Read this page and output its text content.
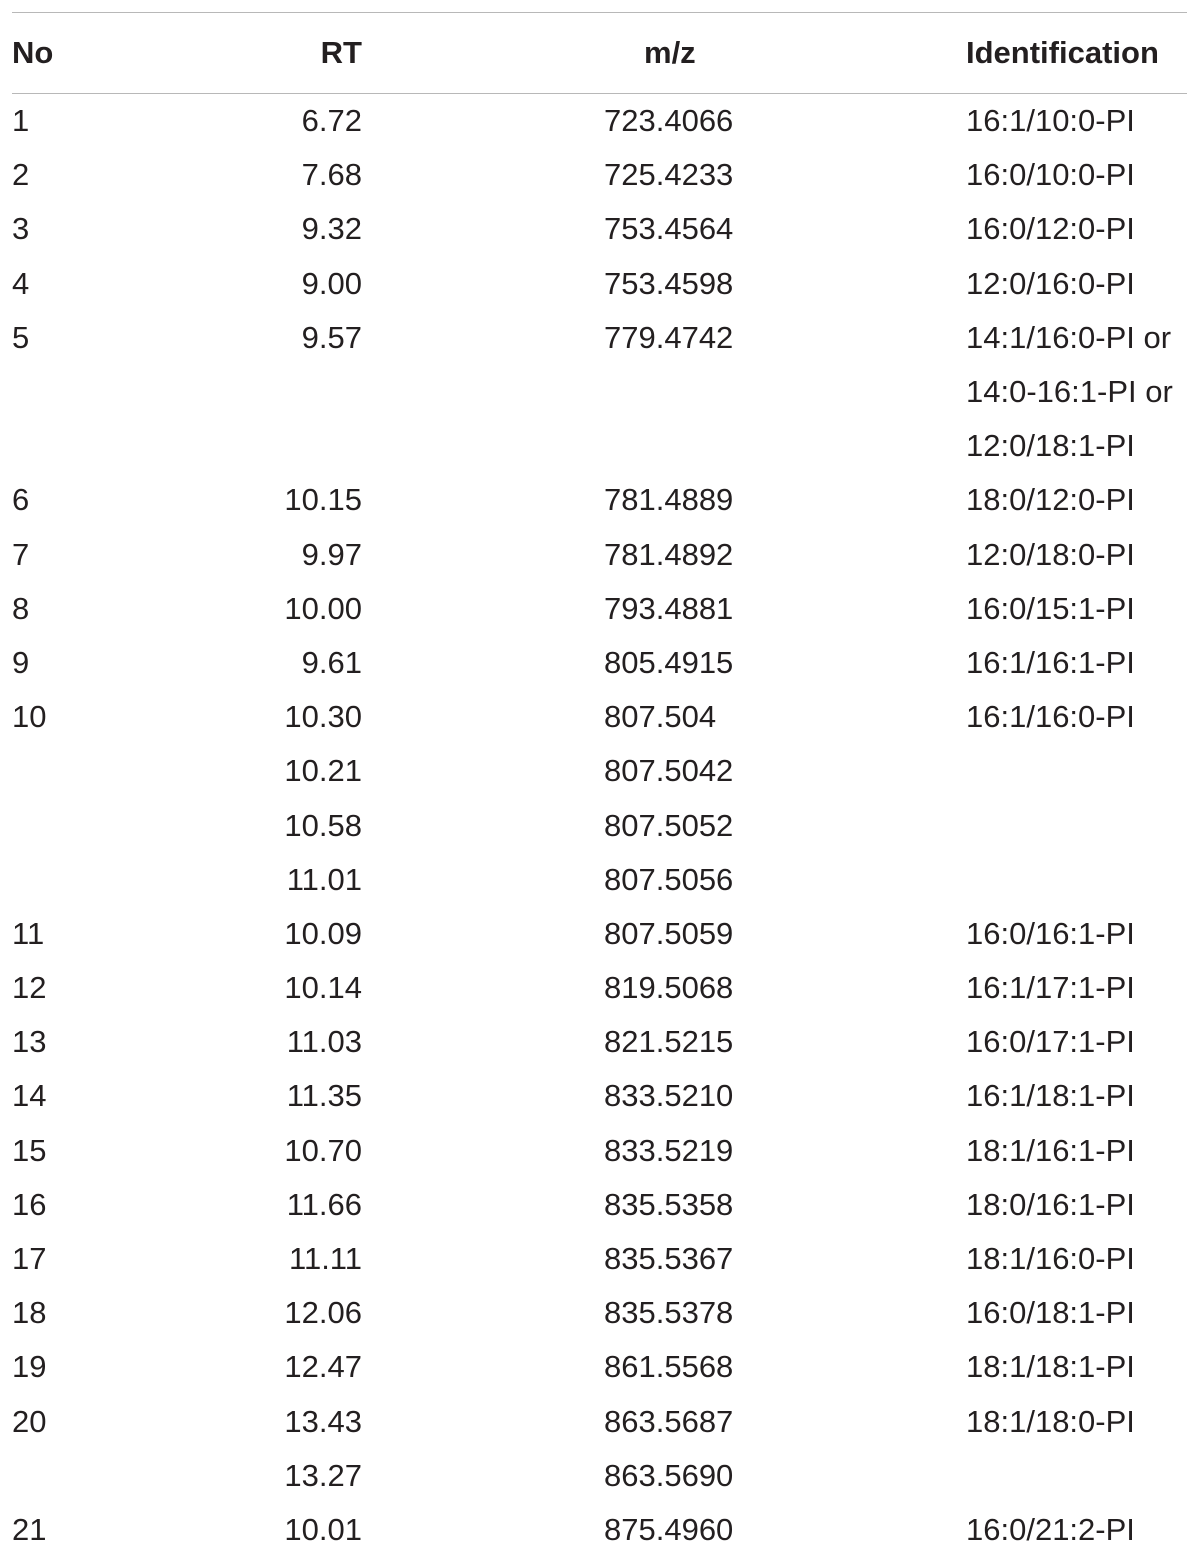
No	RT	m/z	Identification
1	6.72	723.4066	16:1/10:0-PI
2	7.68	725.4233	16:0/10:0-PI
3	9.32	753.4564	16:0/12:0-PI
4	9.00	753.4598	12:0/16:0-PI
5	9.57	779.4742	14:1/16:0-PI or
			14:0-16:1-PI or
			12:0/18:1-PI
6	10.15	781.4889	18:0/12:0-PI
7	9.97	781.4892	12:0/18:0-PI
8	10.00	793.4881	16:0/15:1-PI
9	9.61	805.4915	16:1/16:1-PI
10	10.30	807.504	16:1/16:0-PI
	10.21	807.5042	
	10.58	807.5052	
	11.01	807.5056	
11	10.09	807.5059	16:0/16:1-PI
12	10.14	819.5068	16:1/17:1-PI
13	11.03	821.5215	16:0/17:1-PI
14	11.35	833.5210	16:1/18:1-PI
15	10.70	833.5219	18:1/16:1-PI
16	11.66	835.5358	18:0/16:1-PI
17	11.11	835.5367	18:1/16:0-PI
18	12.06	835.5378	16:0/18:1-PI
19	12.47	861.5568	18:1/18:1-PI
20	13.43	863.5687	18:1/18:0-PI
	13.27	863.5690	
21	10.01	875.4960	16:0/21:2-PI
